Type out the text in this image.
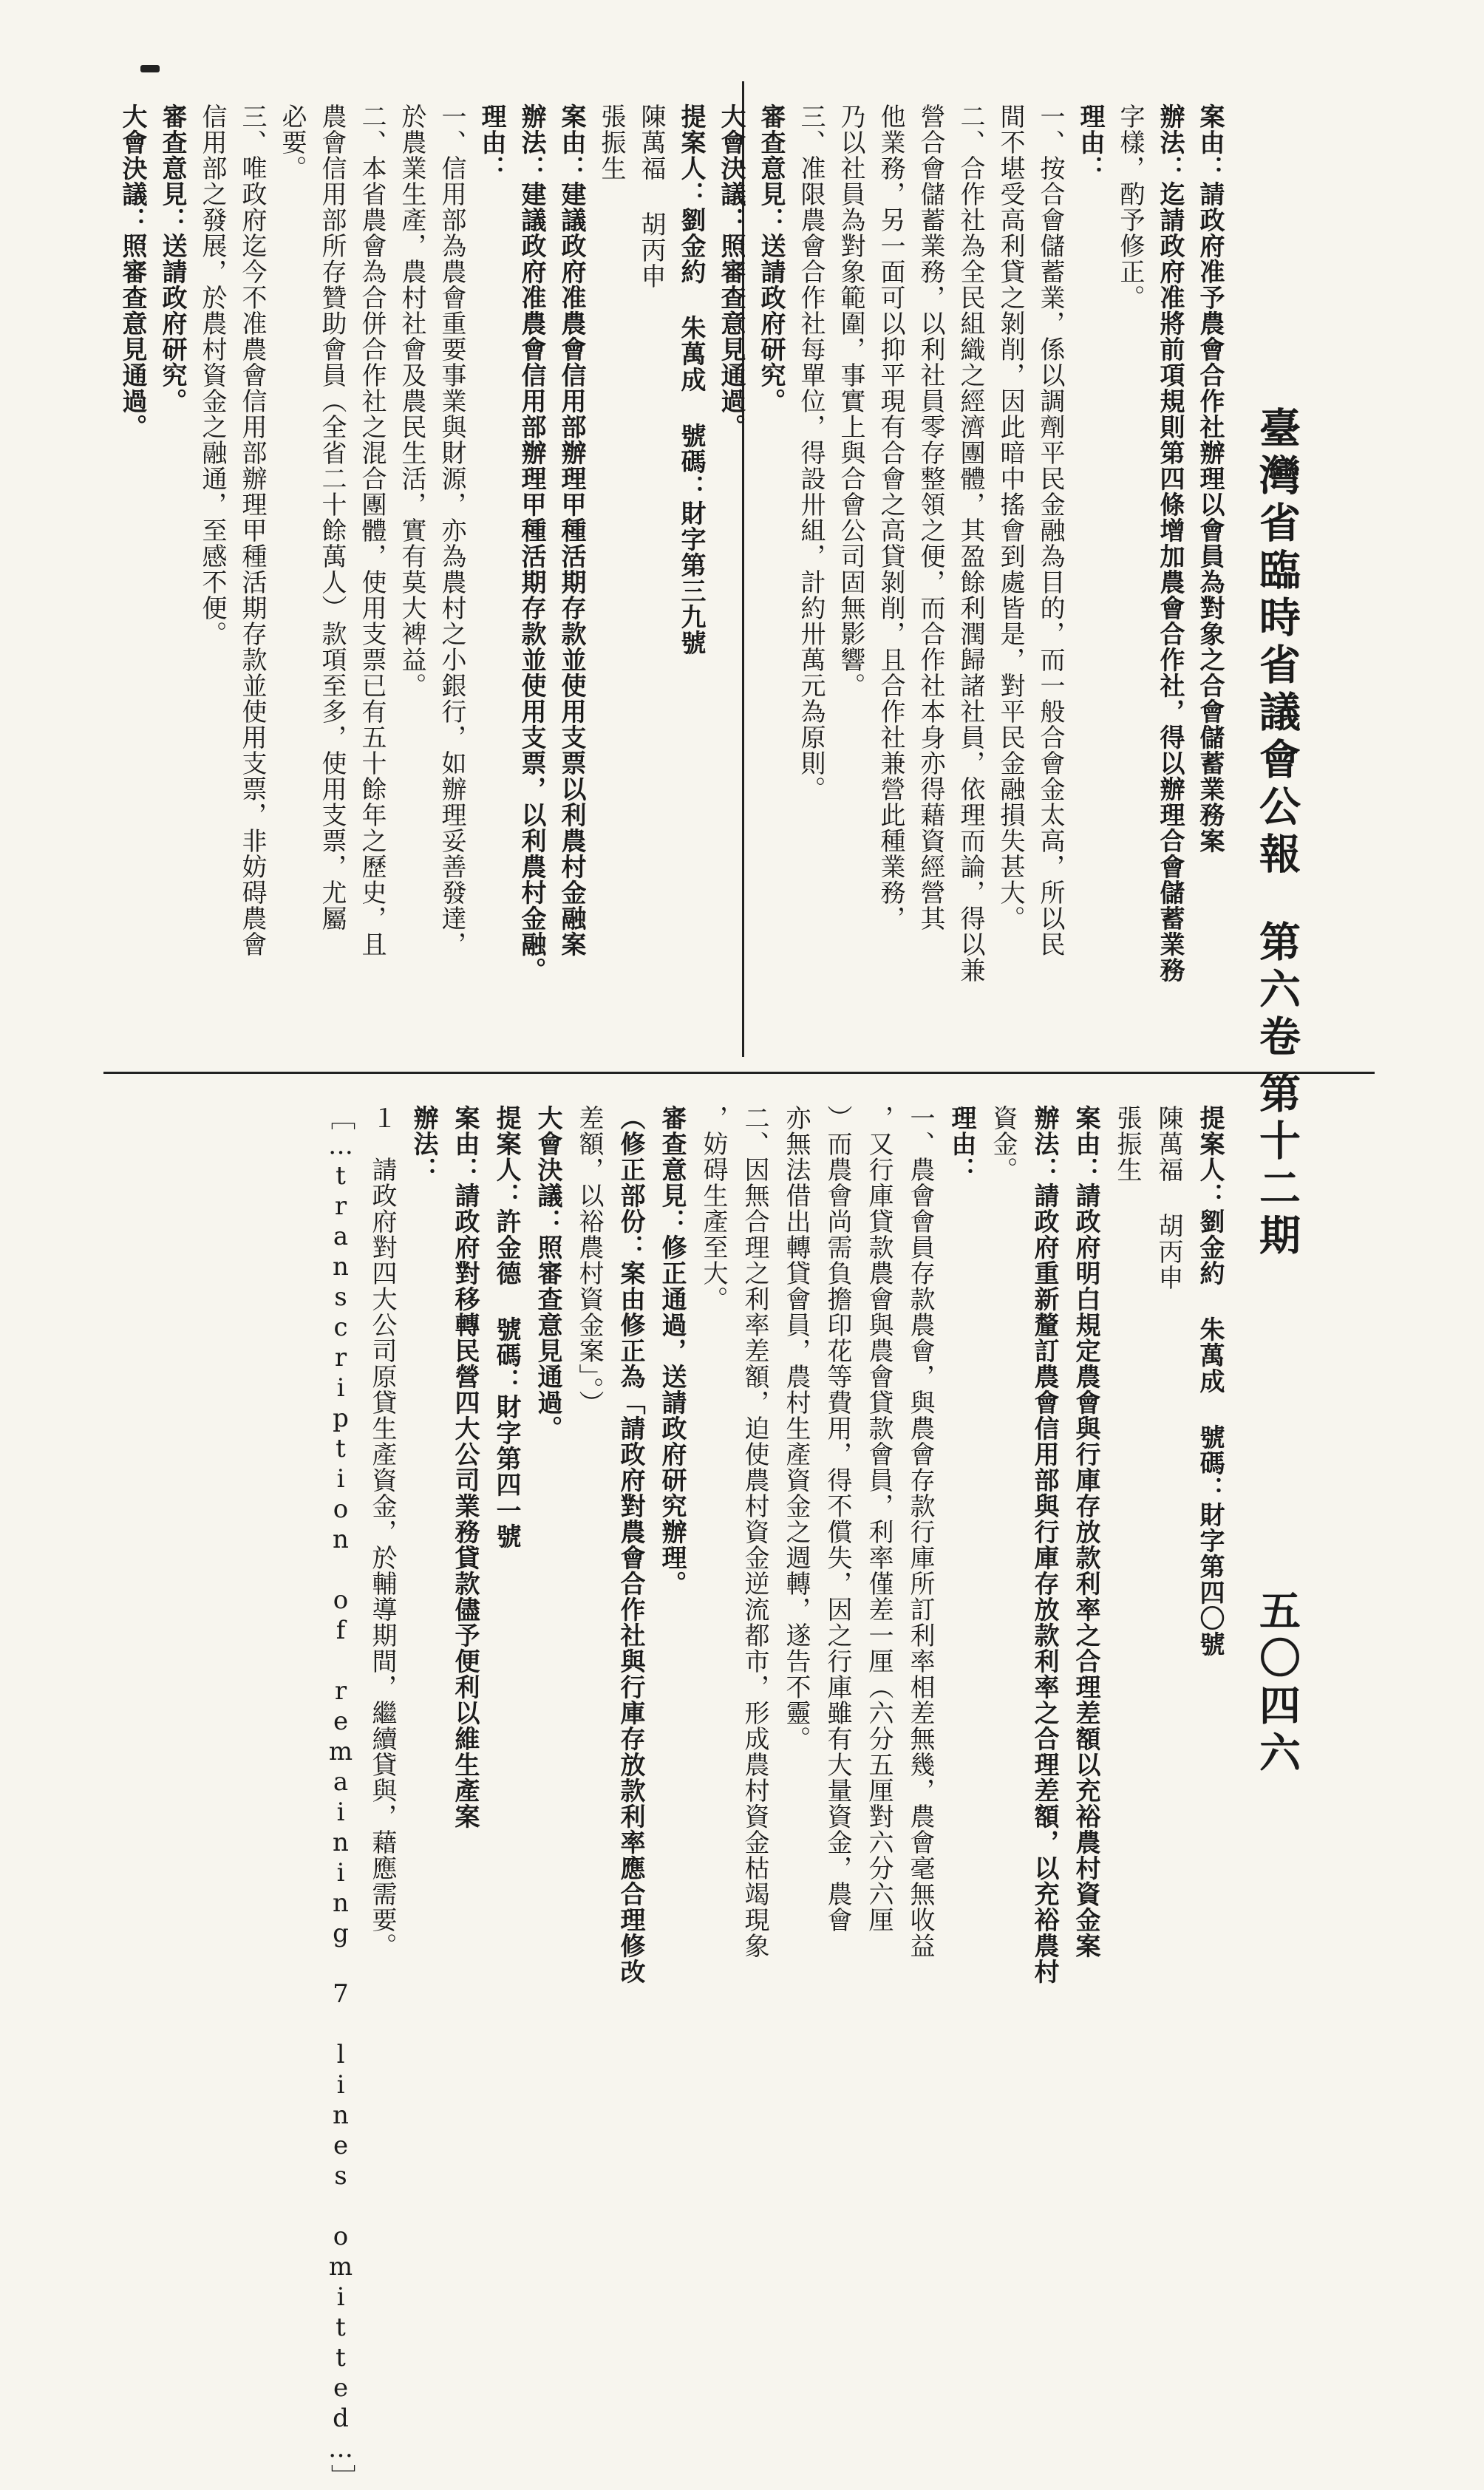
臺灣省臨時省議會公報
第六卷
第十二期
五〇四六
案由：請政府准予農會合作社辦理以會員為對象之合會儲蓄業務案
辦法：迄請政府准將前項規則第四條增加農會合作社，得以辦理合會儲蓄業務
字樣，酌予修正。
理由：
一、按合會儲蓄業，係以調劑平民金融為目的，而一般合會金太高，所以民
間不堪受高利貸之剝削，因此暗中搖會到處皆是，對平民金融損失甚大。
二、合作社為全民組織之經濟團體，其盈餘利潤歸諸社員，依理而論，得以兼
營合會儲蓄業務，以利社員零存整領之便，而合作社本身亦得藉資經營其
他業務，另一面可以抑平現有合會之高貸剝削，且合作社兼營此種業務，
乃以社員為對象範圍，事實上與合會公司固無影響。
三、准限農會合作社每單位，得設卅組，計約卅萬元為原則。
審查意見：送請政府研究。
大會決議：照審查意見通過。
提案人：劉金約 朱萬成 號碼：財字第三九號
陳萬福 胡丙申
張振生
案由：建議政府准農會信用部辦理甲種活期存款並使用支票以利農村金融案
辦法：建議政府准農會信用部辦理甲種活期存款並使用支票，以利農村金融。
理由：
一、信用部為農會重要事業與財源，亦為農村之小銀行，如辦理妥善發達，
於農業生產，農村社會及農民生活，實有莫大裨益。
二、本省農會為合併合作社之混合團體，使用支票已有五十餘年之歷史，且
農會信用部所存贊助會員（全省二十餘萬人）款項至多，使用支票，尤屬
必要。
三、唯政府迄今不准農會信用部辦理甲種活期存款並使用支票，非妨碍農會
信用部之發展，於農村資金之融通，至感不便。
審查意見：送請政府研究。
大會決議：照審查意見通過。
提案人：劉金約 朱萬成 號碼：財字第四〇號
陳萬福 胡丙申
張振生
案由：請政府明白規定農會與行庫存放款利率之合理差額以充裕農村資金案
辦法：請政府重新釐訂農會信用部與行庫存放款利率之合理差額，以充裕農村
資金。
理由：
一、農會會員存款農會，與農會存款行庫所訂利率相差無幾，農會毫無收益
，又行庫貸款農會與農會貸款會員，利率僅差一厘（六分五厘對六分六厘
）而農會尚需負擔印花等費用，得不償失，因之行庫雖有大量資金，農會
亦無法借出轉貸會員，農村生產資金之週轉，遂告不靈。
二、因無合理之利率差額，迫使農村資金逆流都市，形成農村資金枯竭現象
，妨碍生產至大。
審查意見：修正通過，送請政府研究辦理。
（修正部份：案由修正為「請政府對農會合作社與行庫存放款利率應合理修改
差額，以裕農村資金案」。）
大會決議：照審查意見通過。
提案人：許金德 號碼：財字第四一號
案由：請政府對移轉民營四大公司業務貸款儘予便利以維生產案
辦法：
１　請政府對四大公司原貸生產資金，於輔導期間，繼續貸與，藉應需要。
［…transcription of remaining 7 lines omitted…］
